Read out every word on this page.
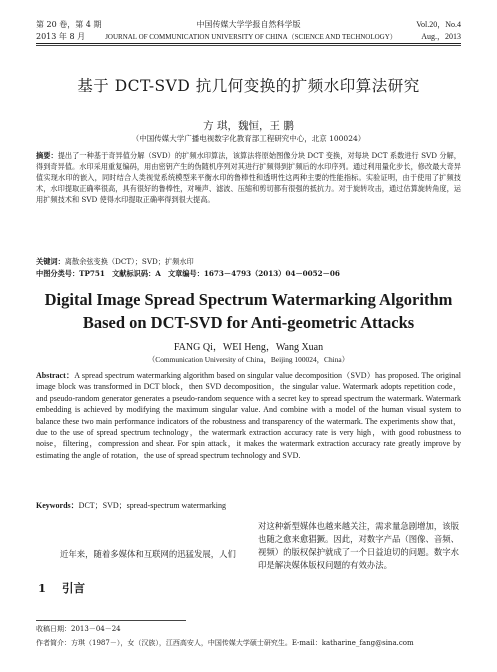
第 20 卷，第 4 期
2013 年 8 月
中国传媒大学学报自然科学版
JOURNAL OF COMMUNICATION UNIVERSITY OF CHINA（SCIENCE AND TECHNOLOGY）
Vol.20，No.4
Aug.，2013
基于 DCT-SVD 抗几何变换的扩频水印算法研究
方 琪，魏恒，王 鹏
（中国传媒大学广播电视数字化教育部工程研究中心，北京 100024）
摘要：提出了一种基于奇异值分解（SVD）的扩频水印算法，该算法将原始图像分块 DCT 变换，对每块 DCT 系数进行 SVD 分解，得到奇异值。水印采用重复编码，用由密钥产生的伪随机序列对其进行扩频得到扩频后的水印序列。通过利用量化步长，修改最大奇异值实现水印的嵌入，同时结合人类视觉系统模型来平衡水印的鲁棒性和透明性这两种主要的性能指标。实验证明，由于使用了扩频技术，水印提取正确率很高，具有很好的鲁棒性，对噪声、滤波、压缩和剪切都有很强的抵抗力。对于旋转攻击，通过估算旋转角度，运用扩频技术和 SVD 使得水印提取正确率得到很大提高。
关键词：离散余弦变换（DCT）；SVD；扩频水印
中图分类号：TP751　文献标识码：A　文章编号：1673－4793（2013）04－0052－06
Digital Image Spread Spectrum Watermarking Algorithm
Based on DCT-SVD for Anti-geometric Attacks
FANG Qi，WEI Heng，Wang Xuan
（Communication University of China，Beijing 100024，China）
Abstract：A spread spectrum watermarking algorithm based on singular value decomposition（SVD）has proposed. The original image block was transformed in DCT block，then SVD decomposition，the singular value. Watermark adopts repetition code，and pseudo-random generator generates a pseudo-random sequence with a secret key to spread spectrum the watermark. Watermark embedding is achieved by modifying the maximum singular value. And combine with a model of the human visual system to balance these two main performance indicators of the robustness and transparency of the watermark. The experiments show that，due to the use of spread spectrum technology，the watermark extraction accuracy rate is very high，with good robustness to noise，filtering，compression and shear. For spin attack，it makes the watermark extraction accuracy rate greatly improve by estimating the angle of rotation，the use of spread spectrum technology and SVD.
Keywords：DCT；SVD；spread-spectrum watermarking
1 引言
对这种新型媒体也越来越关注，需求量急剧增加，该版也随之愈来愈猖獗。因此，对数字产品（图像、音频、视频）的版权保护就成了一个日益迫切的问题。数字水印是解决媒体版权问题的有效办法。
近年来，随着多媒体和互联网的迅猛发展，人们
收稿日期：2013－04－24
作者简介：方琪（1987－），女（汉族），江西高安人，中国传媒大学硕士研究生。E-mail：katharine_fang@sina.com
